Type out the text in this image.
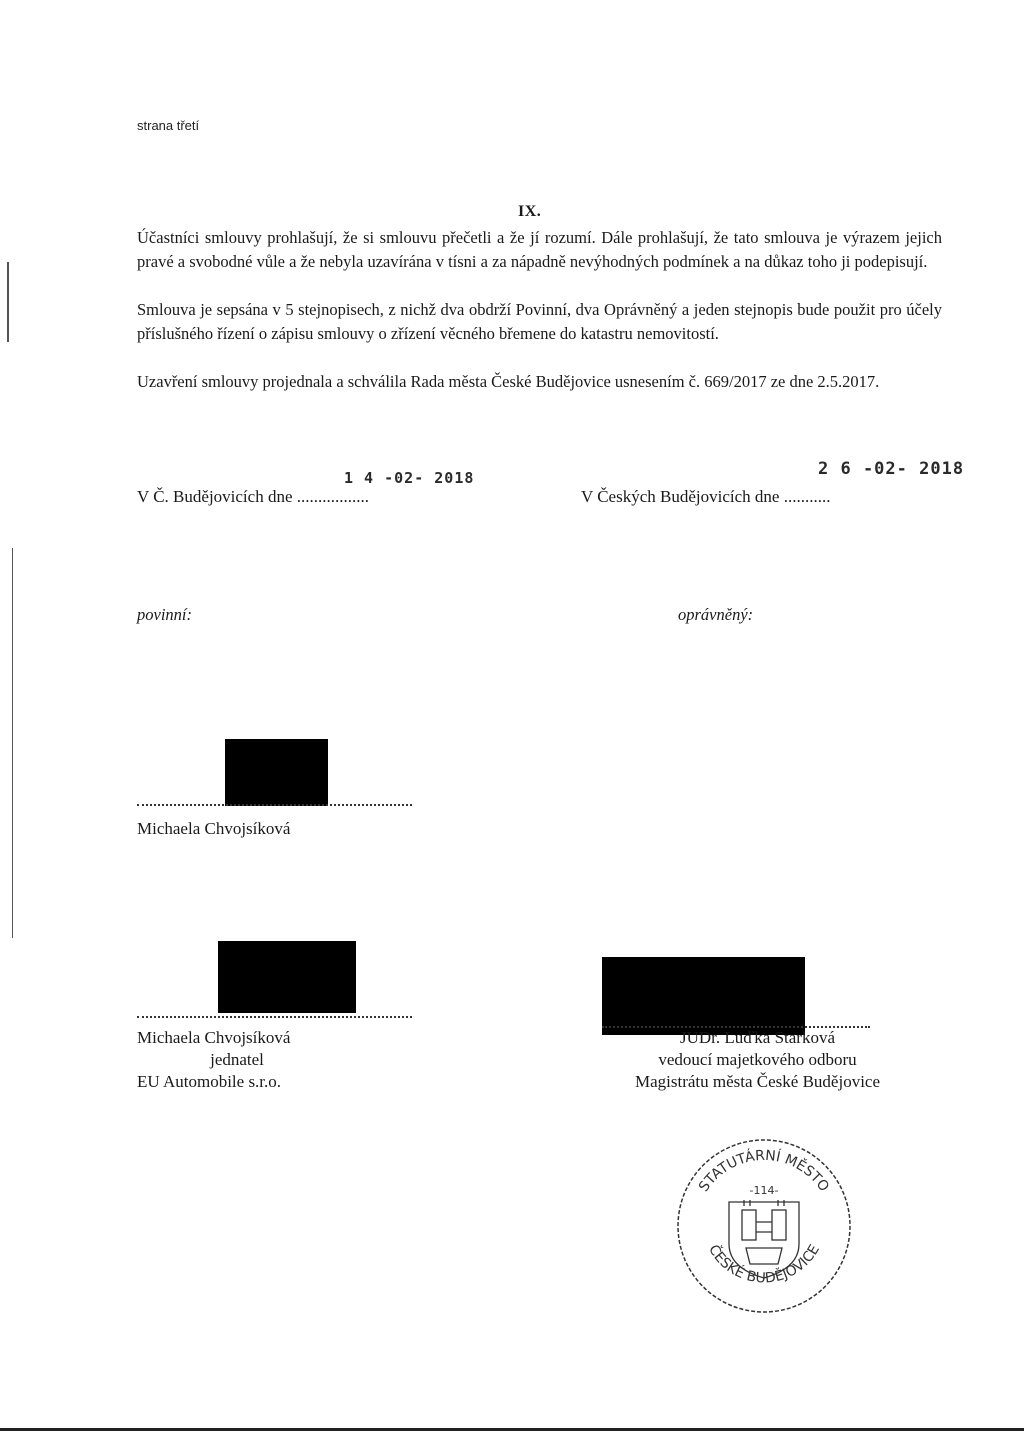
strana třetí
IX.

Účastníci smlouvy prohlašují, že si smlouvu přečetli a že jí rozumí. Dále prohlašují, že tato smlouva je výrazem jejich pravé a svobodné vůle a že nebyla uzavírána v tísni a za nápadně nevýhodných podmínek a na důkaz toho ji podepisují.

Smlouva je sepsána v 5 stejnopisech, z nichž dva obdrží Povinní, dva Oprávněný a jeden stejnopis bude použit pro účely příslušného řízení o zápisu smlouvy o zřízení věcného břemene do katastru nemovitostí.

Uzavření smlouvy projednala a schválila Rada města České Budějovice usnesením č. 669/2017 ze dne 2.5.2017.

1 4 -02- 2018	2 6 -02- 2018
V Č. Budějovicích dne .................	V Českých Budějovicích dne ...........
povinní:	oprávněný:
Michaela Chvojsíková
Michaela Chvojsíková
jednatel
EU Automobile s.r.o.
JUDr. Luďka Starková
vedoucí majetkového odboru
Magistrátu města České Budějovice
STATUTÁRNÍ MĚSTO
ČESKÉ BUDĚJOVICE
-114-
